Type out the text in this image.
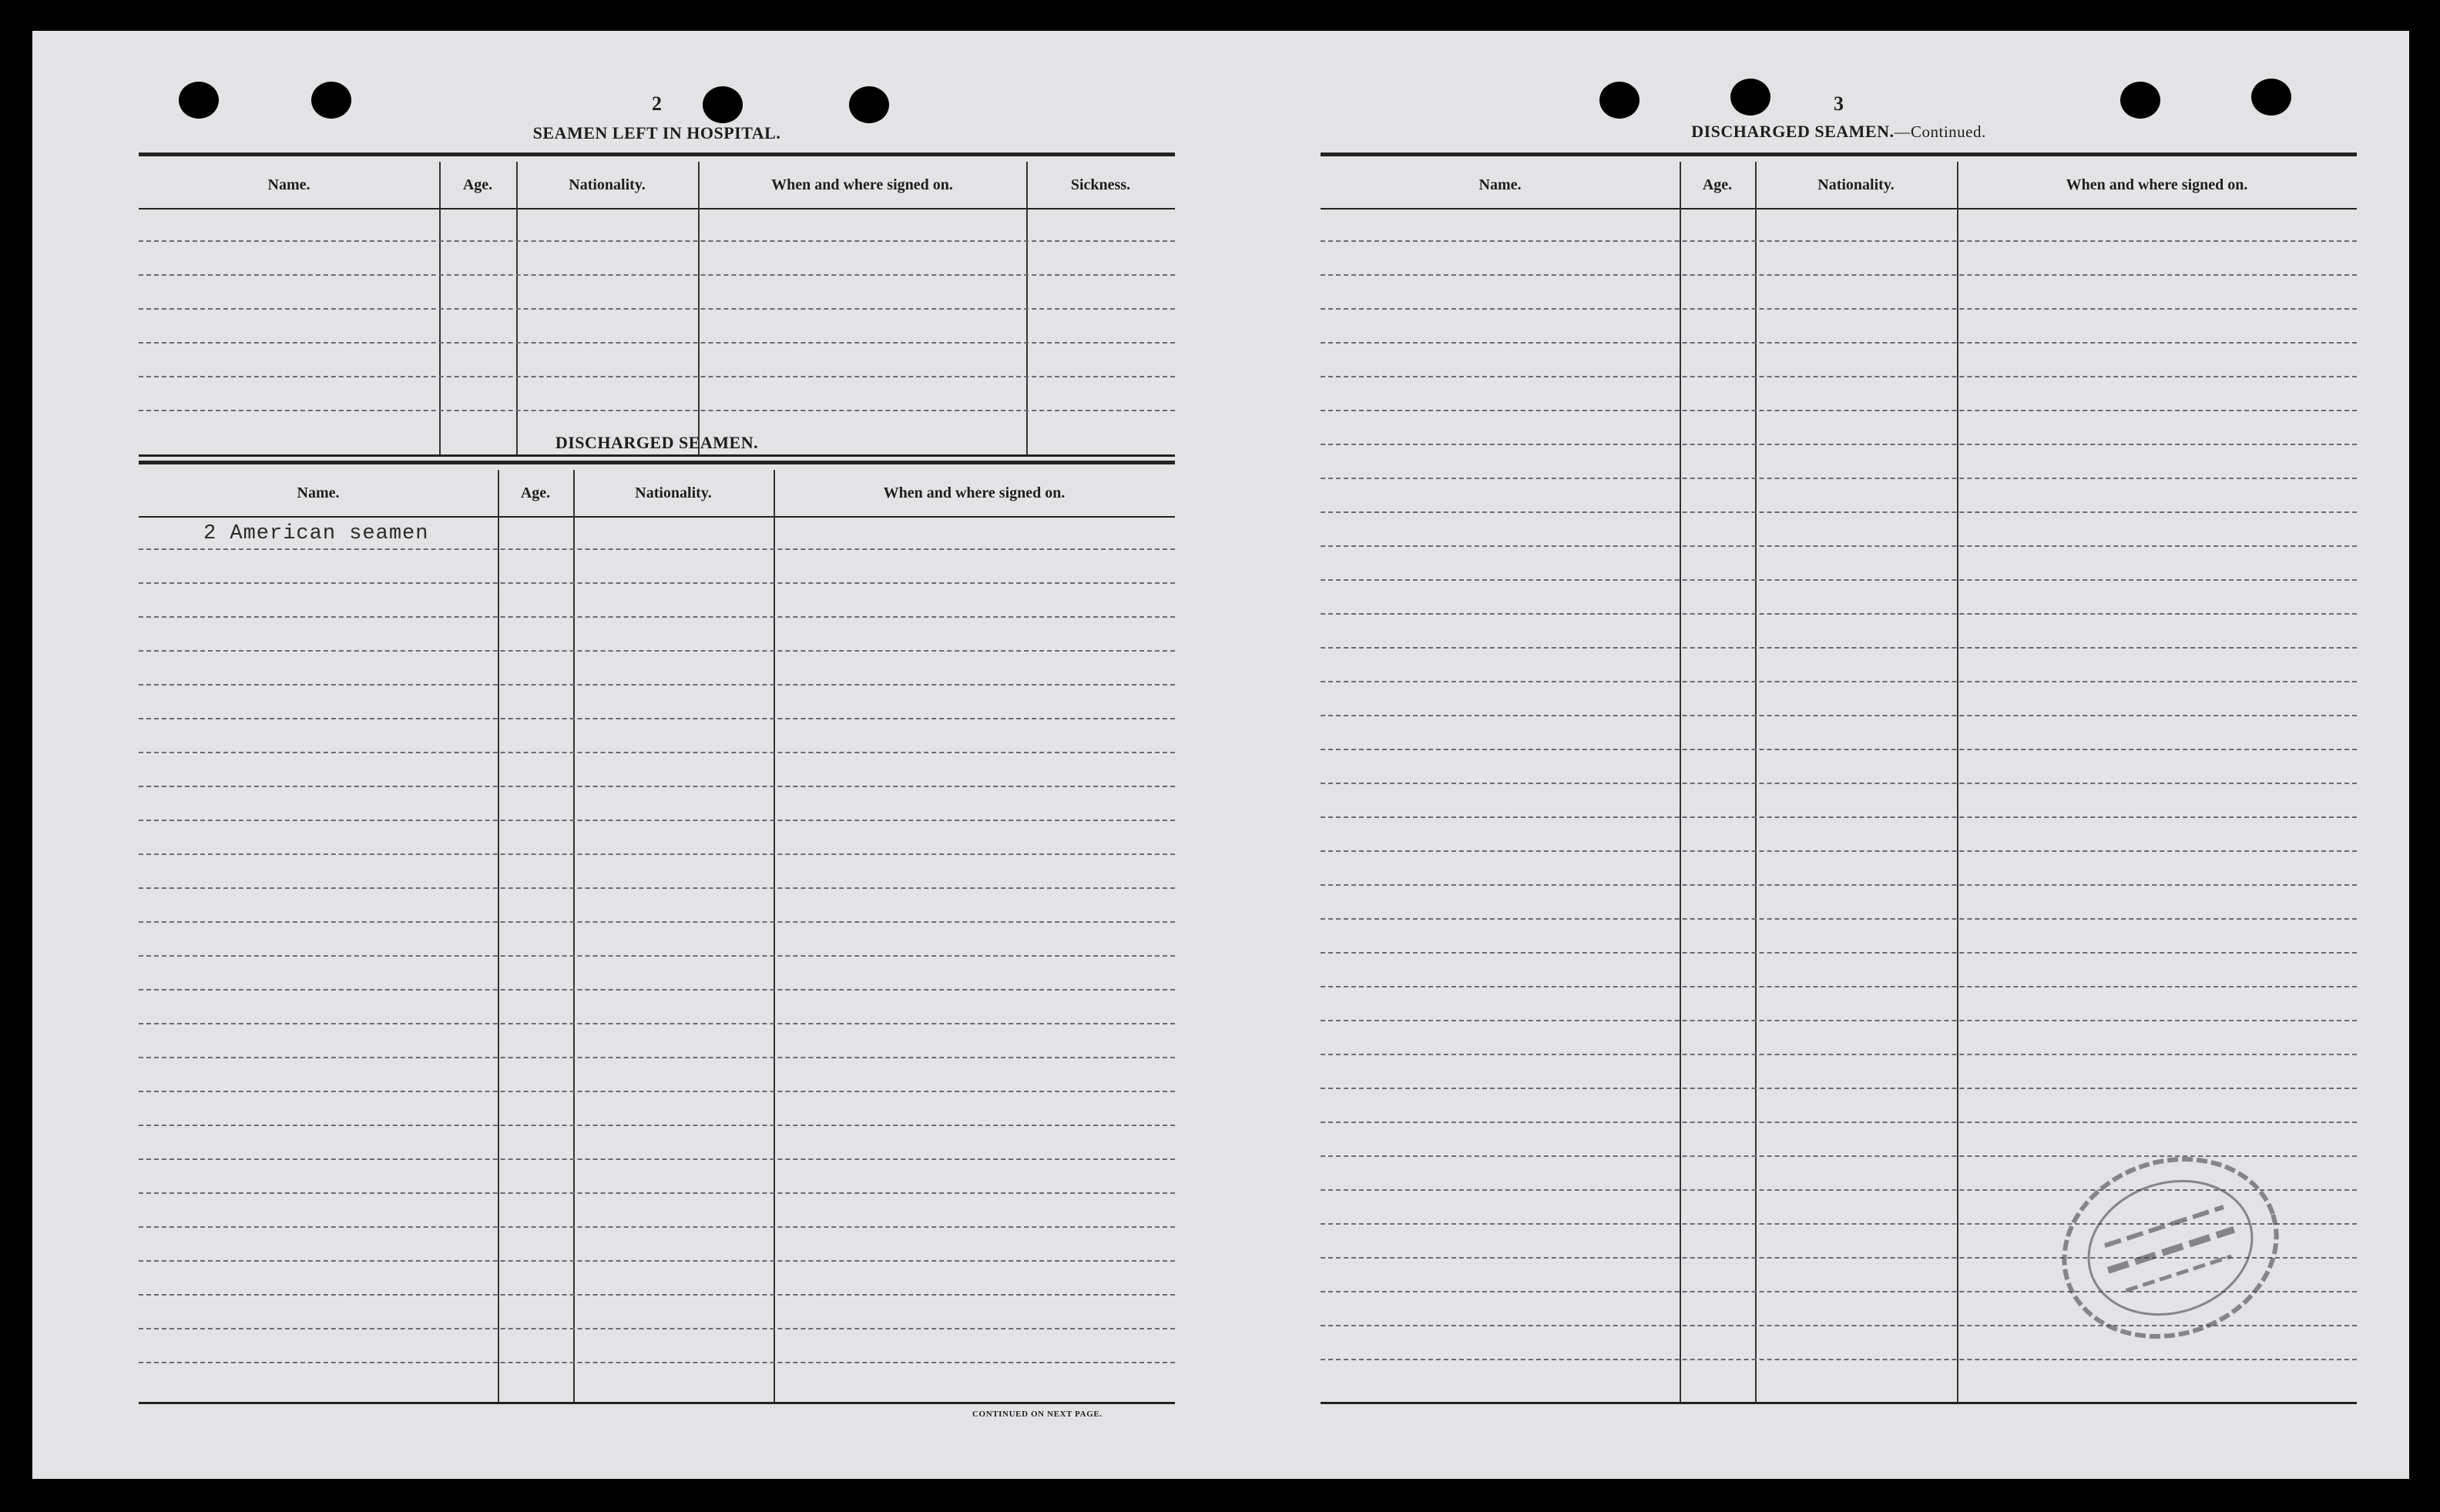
2
SEAMEN LEFT IN HOSPITAL.
Name.	Age.	Nationality.	When and where signed on.	Sickness.
DISCHARGED SEAMEN.
Name.	Age.	Nationality.	When and where signed on.
2 American seamen
CONTINUED ON NEXT PAGE.
3
DISCHARGED SEAMEN.—Continued.
Name.	Age.	Nationality.	When and where signed on.
